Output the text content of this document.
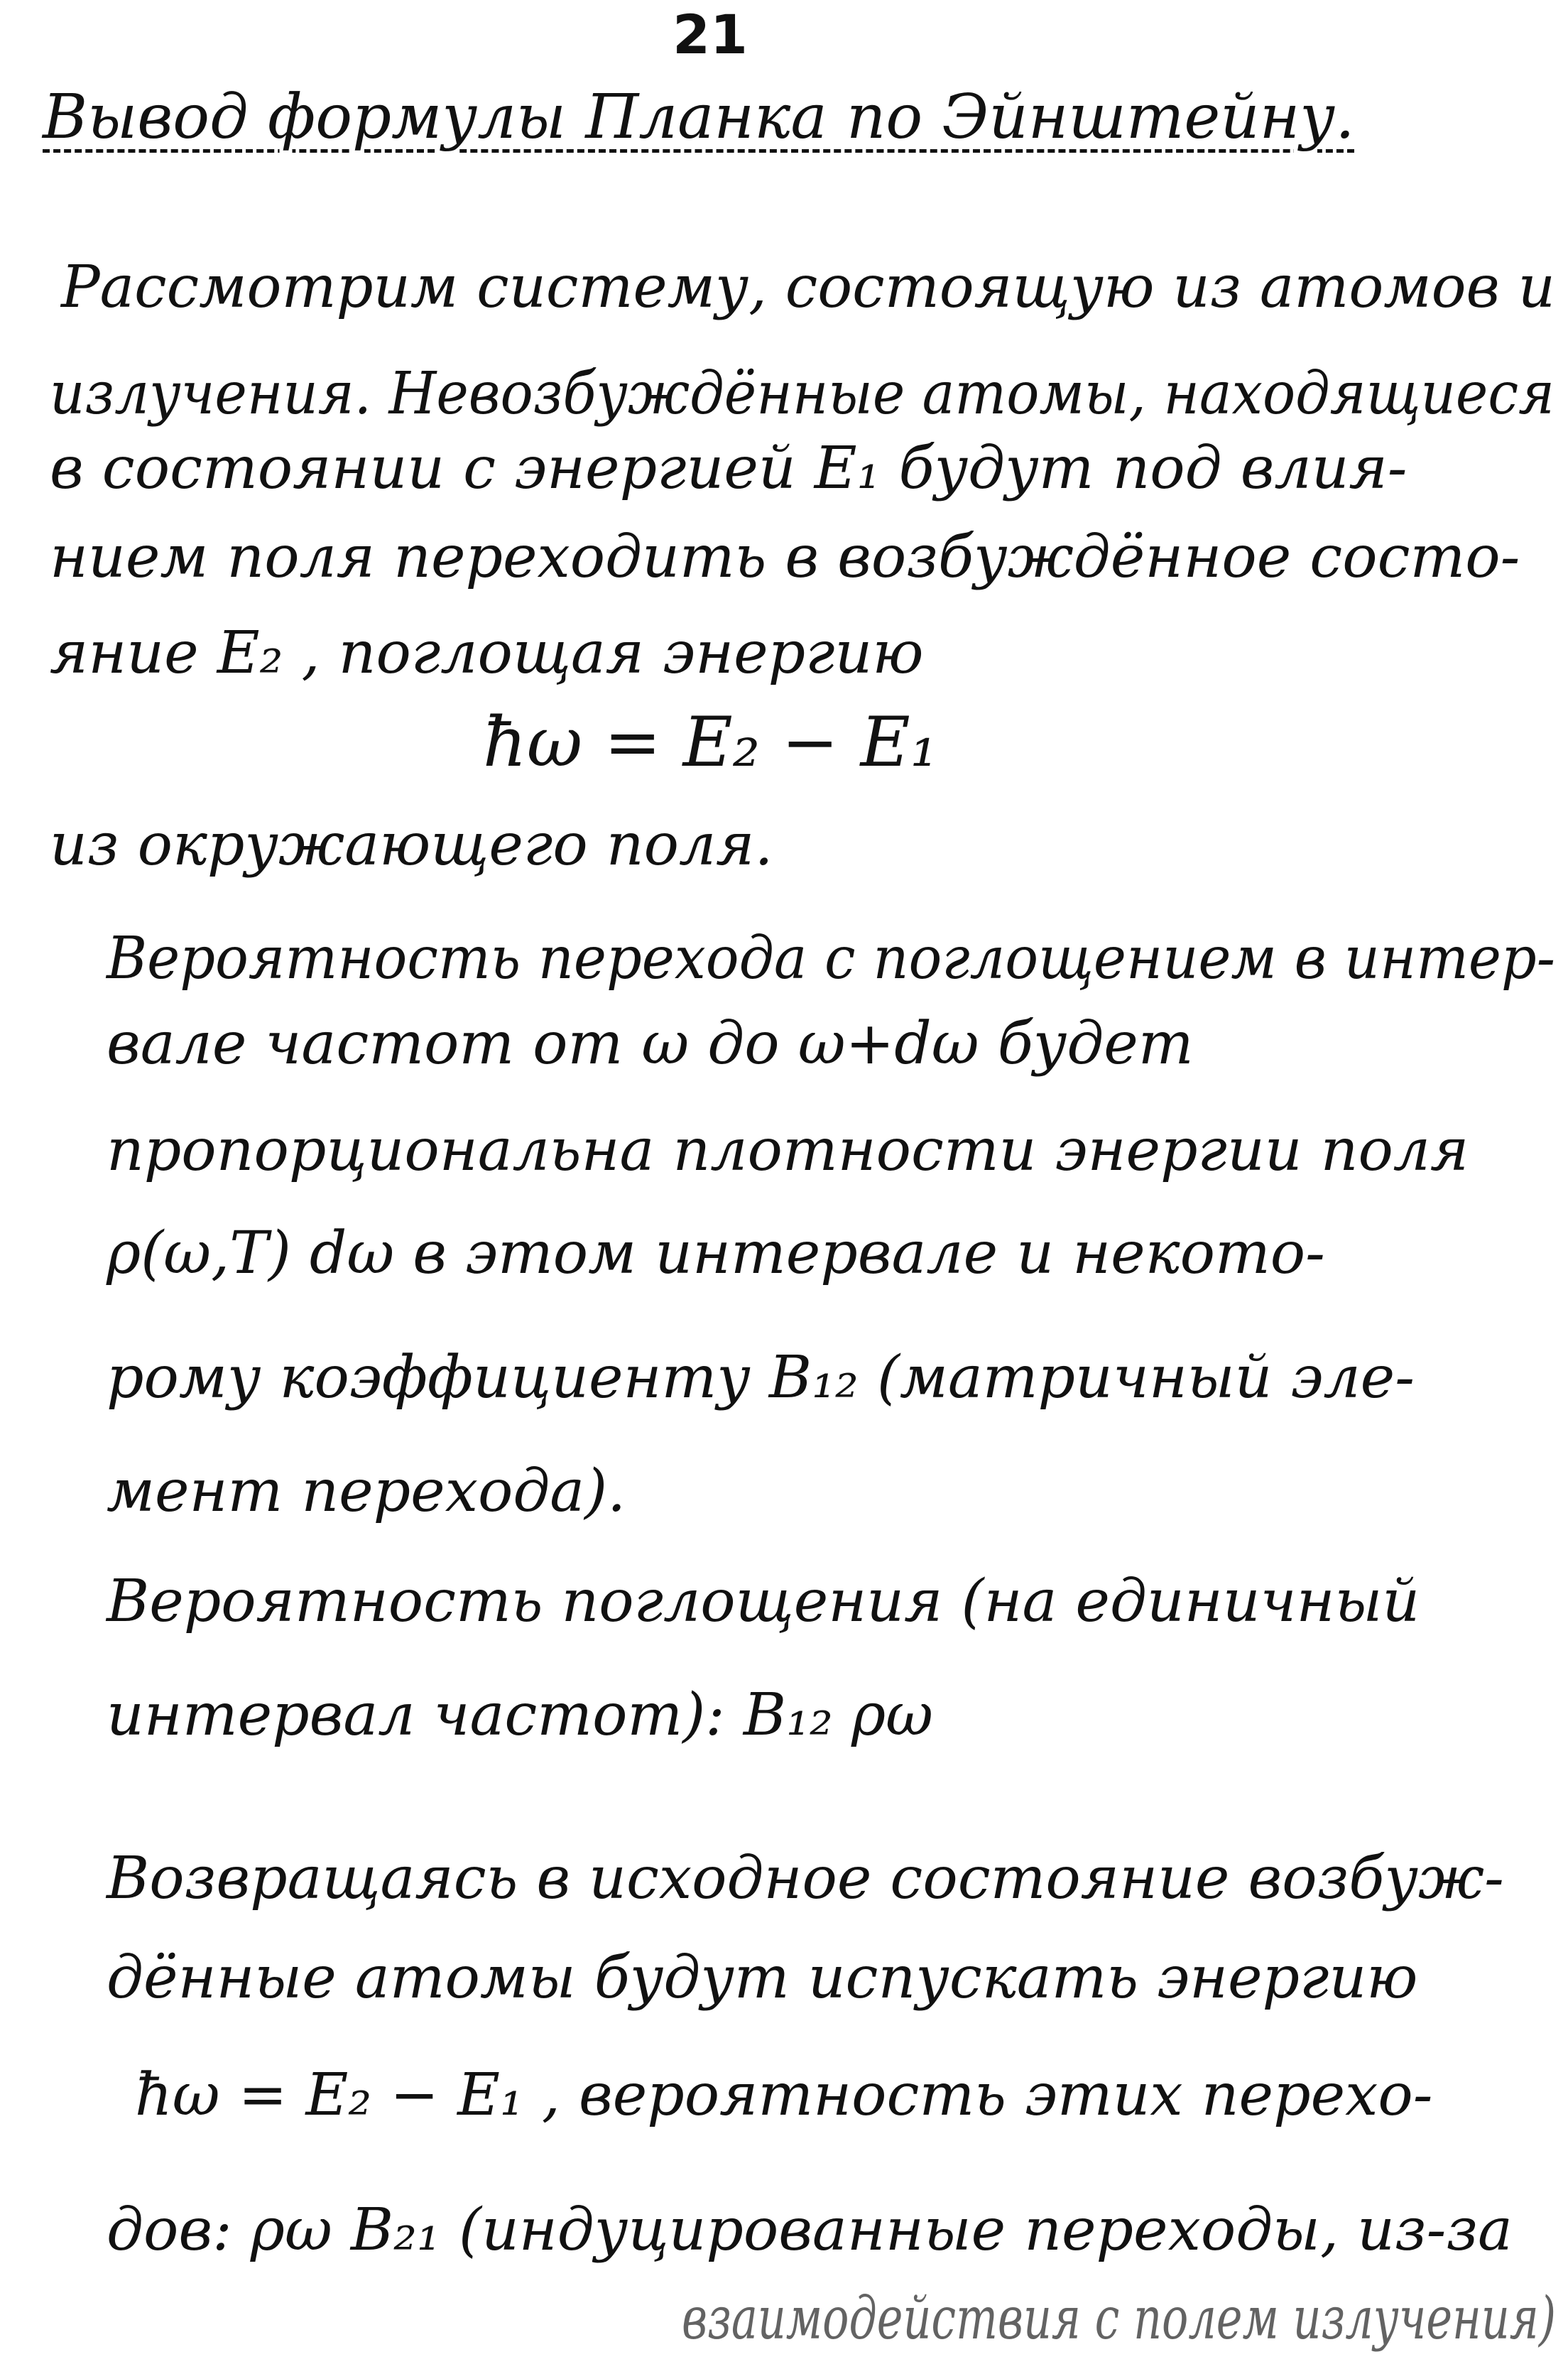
21
Вывод формулы Планка по Эйнштейну.
Рассмотрим систему, состоящую из атомов и
излучения. Невозбуждённые атомы, находящиеся
в состоянии с энергией E₁ будут под влия-
нием поля переходить в возбуждённое состо-
яние E₂ , поглощая энергию
ħω = E₂ − E₁
из окружающего поля.
Вероятность перехода с поглощением в интер-
вале частот от ω до ω+dω будет
пропорциональна плотности энергии поля
ρ(ω,T) dω в этом интервале и некото-
рому коэффициенту B₁₂ (матричный эле-
мент перехода).
Вероятность поглощения (на единичный
интервал частот): B₁₂ ρω
Возвращаясь в исходное состояние возбуж-
дённые атомы будут испускать энергию
ħω = E₂ − E₁ , вероятность этих перехо-
дов: ρω B₂₁ (индуцированные переходы, из-за
взаимодействия с полем излучения)
